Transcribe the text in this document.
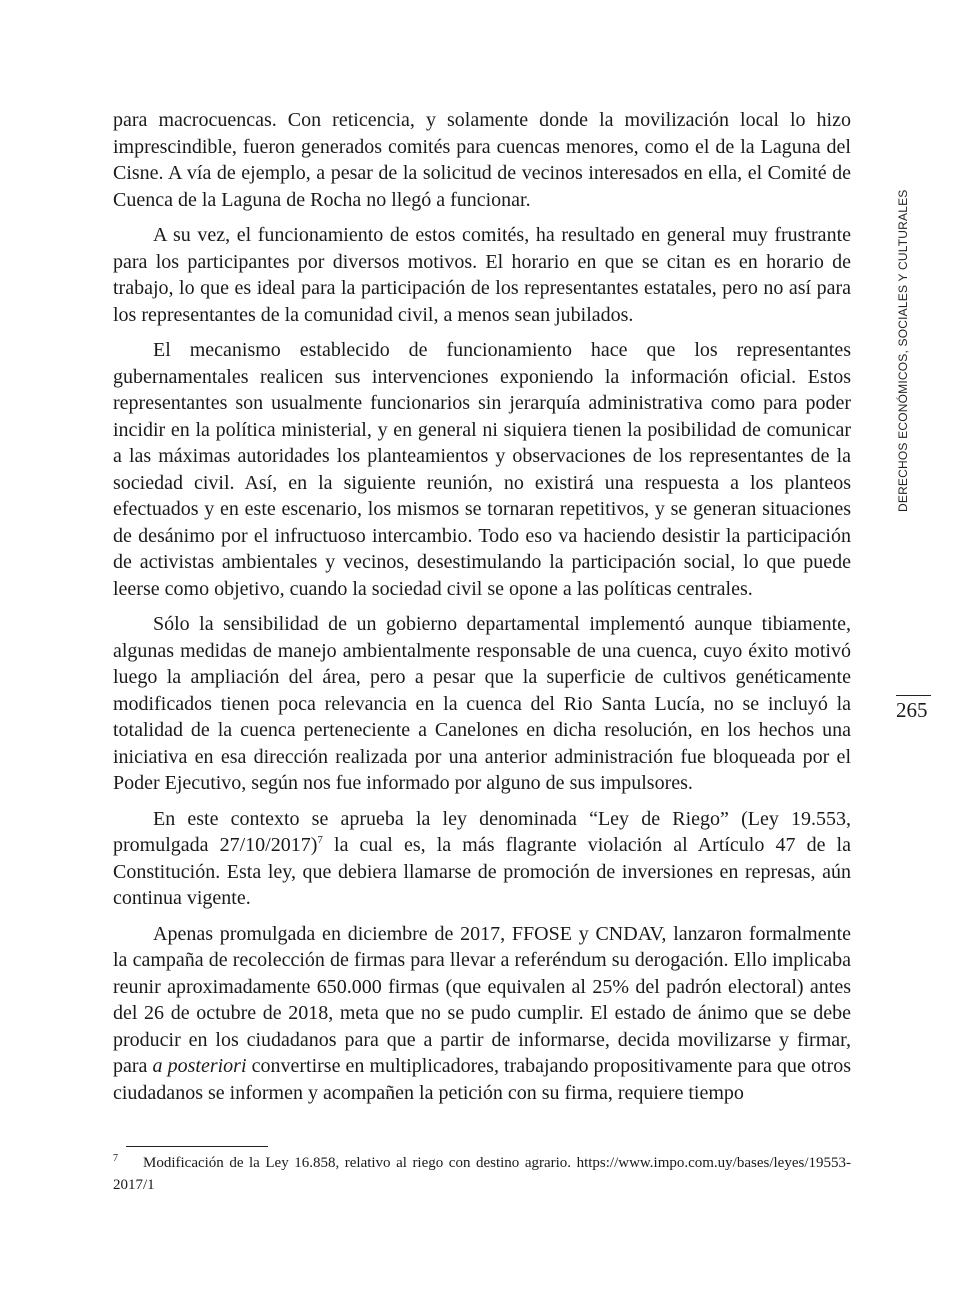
para macrocuencas. Con reticencia, y solamente donde la movilización local lo hizo imprescindible, fueron generados comités para cuencas menores, como el de la Laguna del Cisne. A vía de ejemplo, a pesar de la solicitud de vecinos interesados en ella, el Comité de Cuenca de la Laguna de Rocha no llegó a funcionar.

A su vez, el funcionamiento de estos comités, ha resultado en general muy frustrante para los participantes por diversos motivos. El horario en que se citan es en horario de trabajo, lo que es ideal para la participación de los representantes estatales, pero no así para los representantes de la comunidad civil, a menos sean jubilados.

El mecanismo establecido de funcionamiento hace que los representantes gubernamentales realicen sus intervenciones exponiendo la información oficial. Estos representantes son usualmente funcionarios sin jerarquía administrativa como para poder incidir en la política ministerial, y en general ni siquiera tienen la posibilidad de comunicar a las máximas autoridades los planteamientos y observaciones de los representantes de la sociedad civil. Así, en la siguiente reunión, no existirá una respuesta a los planteos efectuados y en este escenario, los mismos se tornaran repetitivos, y se generan situaciones de desánimo por el infructuoso intercambio. Todo eso va haciendo desistir la participación de activistas ambientales y vecinos, desestimulando la participación social, lo que puede leerse como objetivo, cuando la sociedad civil se opone a las políticas centrales.

Sólo la sensibilidad de un gobierno departamental implementó aunque tibiamente, algunas medidas de manejo ambientalmente responsable de una cuenca, cuyo éxito motivó luego la ampliación del área, pero a pesar que la superficie de cultivos genéticamente modificados tienen poca relevancia en la cuenca del Rio Santa Lucía, no se incluyó la totalidad de la cuenca perteneciente a Canelones en dicha resolución, en los hechos una iniciativa en esa dirección realizada por una anterior administración fue bloqueada por el Poder Ejecutivo, según nos fue informado por alguno de sus impulsores.

En este contexto se aprueba la ley denominada “Ley de Riego” (Ley 19.553, promulgada 27/10/2017)$^7$ la cual es, la más flagrante violación al Artículo 47 de la Constitución. Esta ley, que debiera llamarse de promoción de inversiones en represas, aún continua vigente.

Apenas promulgada en diciembre de 2017, FFOSE y CNDAV, lanzaron formalmente la campaña de recolección de firmas para llevar a referéndum su derogación. Ello implicaba reunir aproximadamente 650.000 firmas (que equivalen al 25% del padrón electoral) antes del 26 de octubre de 2018, meta que no se pudo cumplir. El estado de ánimo que se debe producir en los ciudadanos para que a partir de informarse, decida movilizarse y firmar, para a posteriori convertirse en multiplicadores, trabajando propositivamente para que otros ciudadanos se informen y acompañen la petición con su firma, requiere tiempo

DERECHOS ECONÓMICOS, SOCIALES Y CULTURALES
265
7 Modificación de la Ley 16.858, relativo al riego con destino agrario. https://www.impo.com.uy/bases/leyes/19553-2017/1
